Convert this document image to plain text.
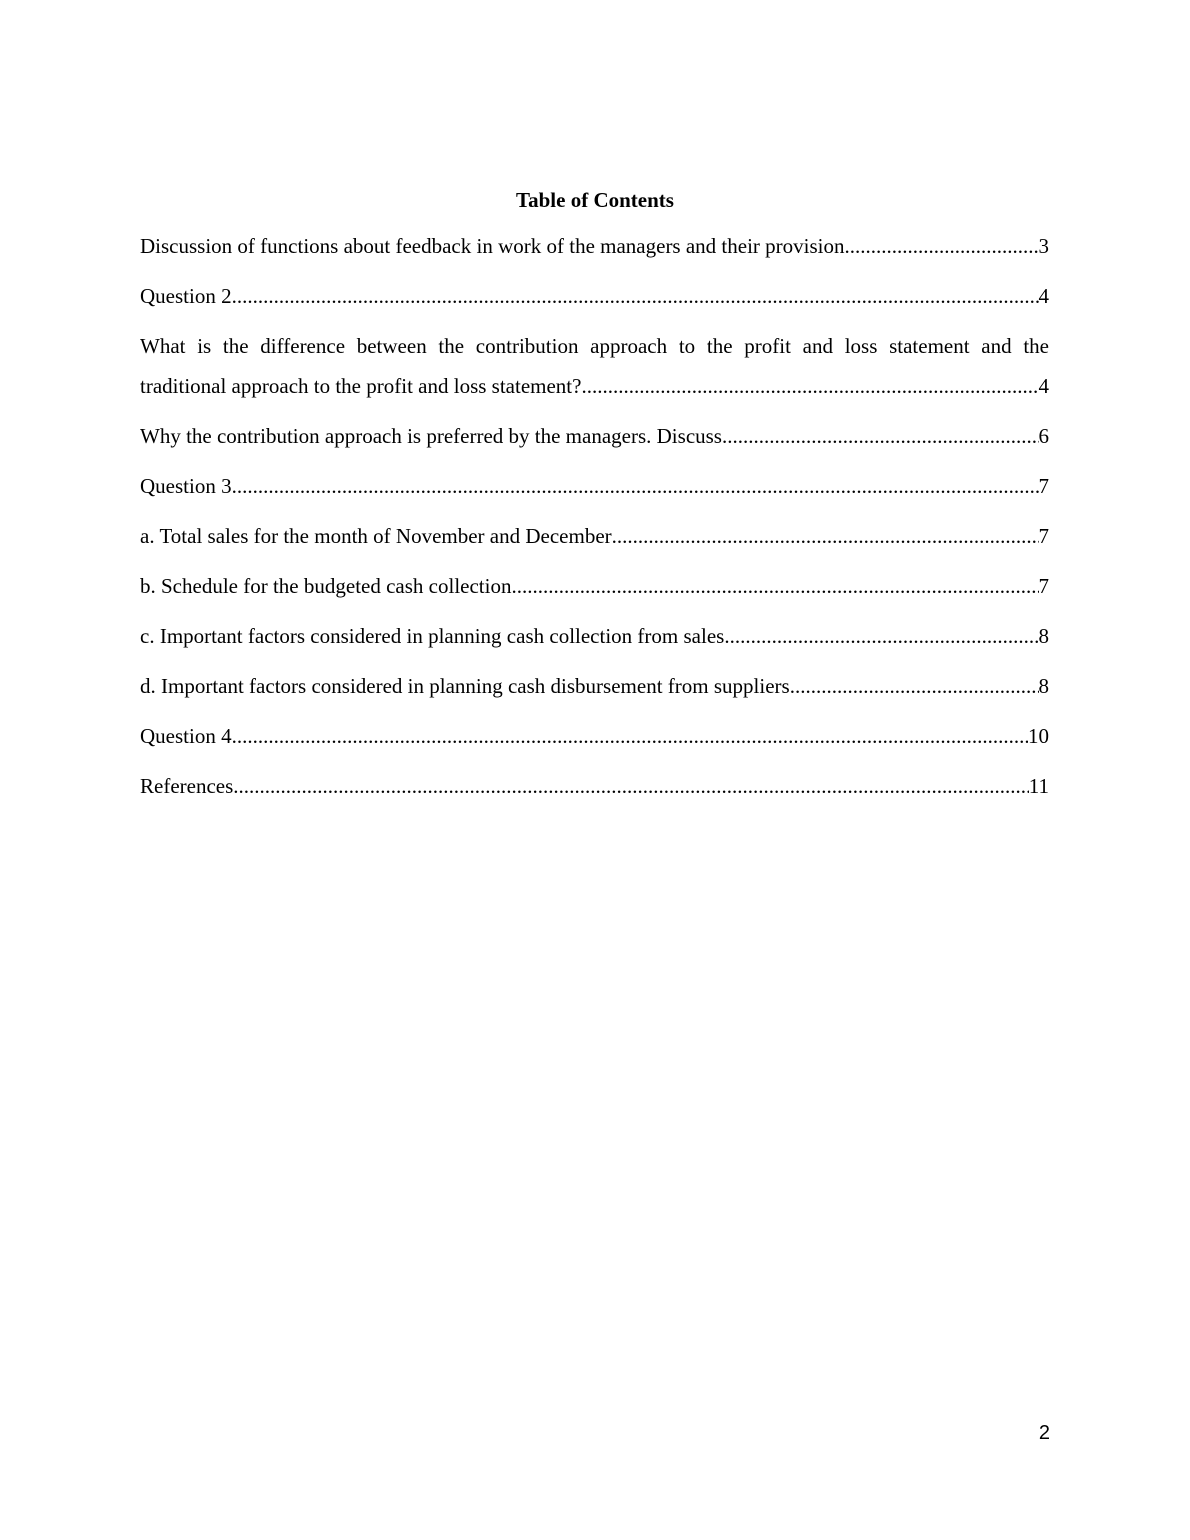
Table of Contents
Discussion of functions about feedback in work of the managers and their provision .....	3
Question 2 .....	4
What is the difference between the contribution approach to the profit and loss statement and the
traditional approach to the profit and loss statement? .....	4
Why the contribution approach is preferred by the managers. Discuss .....	6
Question 3 .....	7
a. Total sales for the month of November and December .....	7
b. Schedule for the budgeted cash collection .....	7
c. Important factors considered in planning cash collection from sales .....	8
d. Important factors considered in planning cash disbursement from suppliers .....	8
Question 4 .....	10
References .....	11
2
